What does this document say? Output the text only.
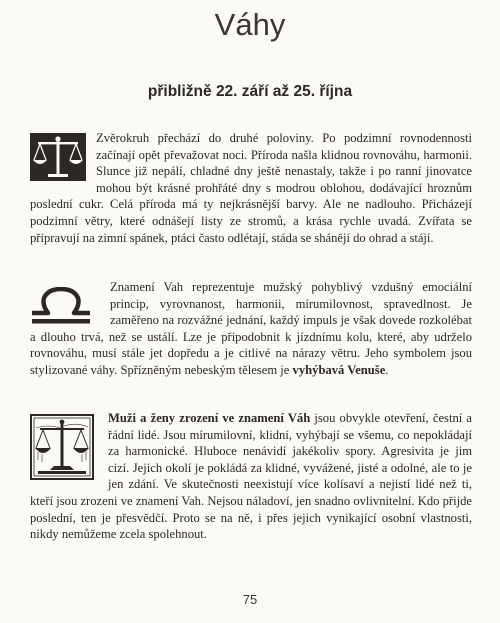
Váhy
přibližně 22. září až 25. října

Zvěrokruh přechází do druhé poloviny. Po podzimní rovnodennosti začínají opět převažovat noci. Příroda našla klidnou rovnováhu, harmonii. Slunce již nepálí, chladné dny ještě nenastaly, takže i po ranní jinovatce mohou být krásné prohřáté dny s modrou oblohou, dodávající hroznům poslední cukr. Celá příroda má ty nejkrásnější barvy. Ale ne nadlouho. Přicházejí podzimní větry, které odnášejí listy ze stromů, a krása rychle uvadá. Zvířata se připravují na zimní spánek, ptáci často odlétají, stáda se shánějí do ohrad a stájí.

Znamení Vah reprezentuje mužský pohyblivý vzdušný emociální princip, vyrovnanost, harmonii, mírumilovnost, spravedlnost. Je zaměřeno na rozvážné jednání, každý impuls je však dovede rozkolébat a dlouho trvá, než se ustálí. Lze je připodobnit k jízdnímu kolu, které, aby udrželo rovnováhu, musí stále jet dopředu a je citlivé na nárazy větru. Jeho symbolem jsou stylizované váhy. Spřízněným nebeským tělesem je vyhýbavá Venuše.

Muži a ženy zrození ve znamení Váh jsou obvykle otevření, čestní a řádní lidé. Jsou mírumilovní, klidní, vyhýbají se všemu, co nepokládají za harmonické. Hluboce nenávidí jakékoliv spory. Agresivita je jim cizí. Jejich okolí je pokládá za klidné, vyvážené, jisté a odolné, ale to je jen zdání. Ve skutečnosti neexistují více kolísaví a nejistí lidé než ti, kteří jsou zrozeni ve znamení Vah. Nejsou náladoví, jen snadno ovlivnitelní. Kdo přijde poslední, ten je přesvědčí. Proto se na ně, i přes jejich vynikající osobní vlastnosti, nikdy nemůžeme zcela spolehnout.

75
